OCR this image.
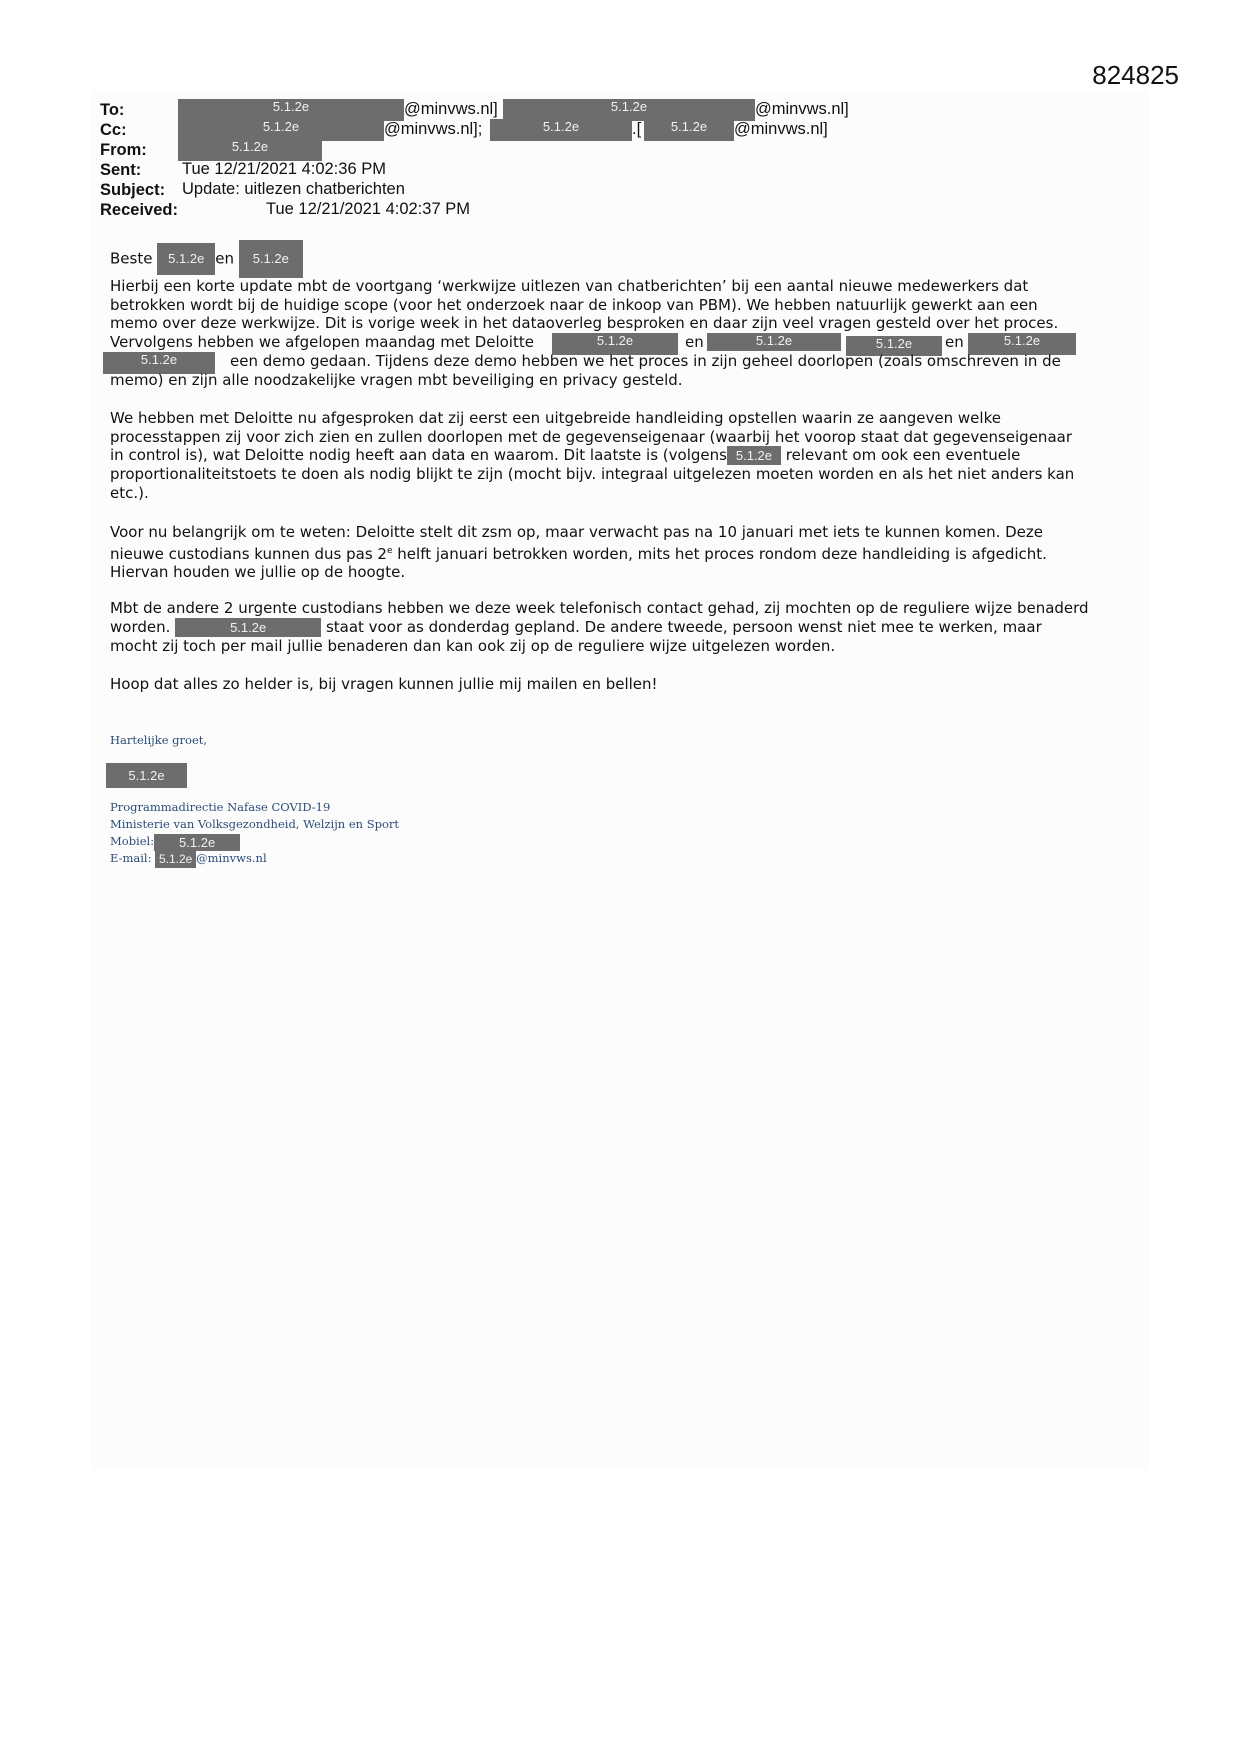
824825
To:	5.1.2e	@minvws.nl]	5.1.2e	@minvws.nl]
Cc:	5.1.2e	@minvws.nl];	5.1.2e	.[	5.1.2e	@minvws.nl]
From:	5.1.2e
Sent: Tue 12/21/2021 4:02:36 PM
Subject: Update: uitlezen chatberichten
Received:	Tue 12/21/2021 4:02:37 PM
Beste 5.1.2e en 5.1.2e

Hierbij een korte update mbt de voortgang ‘werkwijze uitlezen van chatberichten’ bij een aantal nieuwe medewerkers dat

betrokken wordt bij de huidige scope (voor het onderzoek naar de inkoop van PBM). We hebben natuurlijk gewerkt aan een

memo over deze werkwijze. Dit is vorige week in het dataoverleg besproken en daar zijn veel vragen gesteld over het proces.

Vervolgens hebben we afgelopen maandag met Deloitte	5.1.2e	en	5.1.2e	5.1.2e	en	5.1.2e
5.1.2e	een demo gedaan. Tijdens deze demo hebben we het proces in zijn geheel doorlopen (zoals omschreven in de

memo) en zijn alle noodzakelijke vragen mbt beveiliging en privacy gesteld.

We hebben met Deloitte nu afgesproken dat zij eerst een uitgebreide handleiding opstellen waarin ze aangeven welke

processtappen zij voor zich zien en zullen doorlopen met de gegevenseigenaar (waarbij het voorop staat dat gegevenseigenaar

in control is), wat Deloitte nodig heeft aan data en waarom. Dit laatste is (volgens 5.1.2e relevant om ook een eventuele

proportionaliteitstoets te doen als nodig blijkt te zijn (mocht bijv. integraal uitgelezen moeten worden en als het niet anders kan

etc.).

Voor nu belangrijk om te weten: Deloitte stelt dit zsm op, maar verwacht pas na 10 januari met iets te kunnen komen. Deze

nieuwe custodians kunnen dus pas 2e helft januari betrokken worden, mits het proces rondom deze handleiding is afgedicht.

Hiervan houden we jullie op de hoogte.

Mbt de andere 2 urgente custodians hebben we deze week telefonisch contact gehad, zij mochten op de reguliere wijze benaderd

worden.	5.1.2e	staat voor as donderdag gepland. De andere tweede, persoon wenst niet mee te werken, maar

mocht zij toch per mail jullie benaderen dan kan ook zij op de reguliere wijze uitgelezen worden.

Hoop dat alles zo helder is, bij vragen kunnen jullie mij mailen en bellen!

Hartelijke groet,
5.1.2e
Programmadirectie Nafase COVID-19
Ministerie van Volksgezondheid, Welzijn en Sport
Mobiel: 5.1.2e
E-mail: 5.1.2e @minvws.nl
